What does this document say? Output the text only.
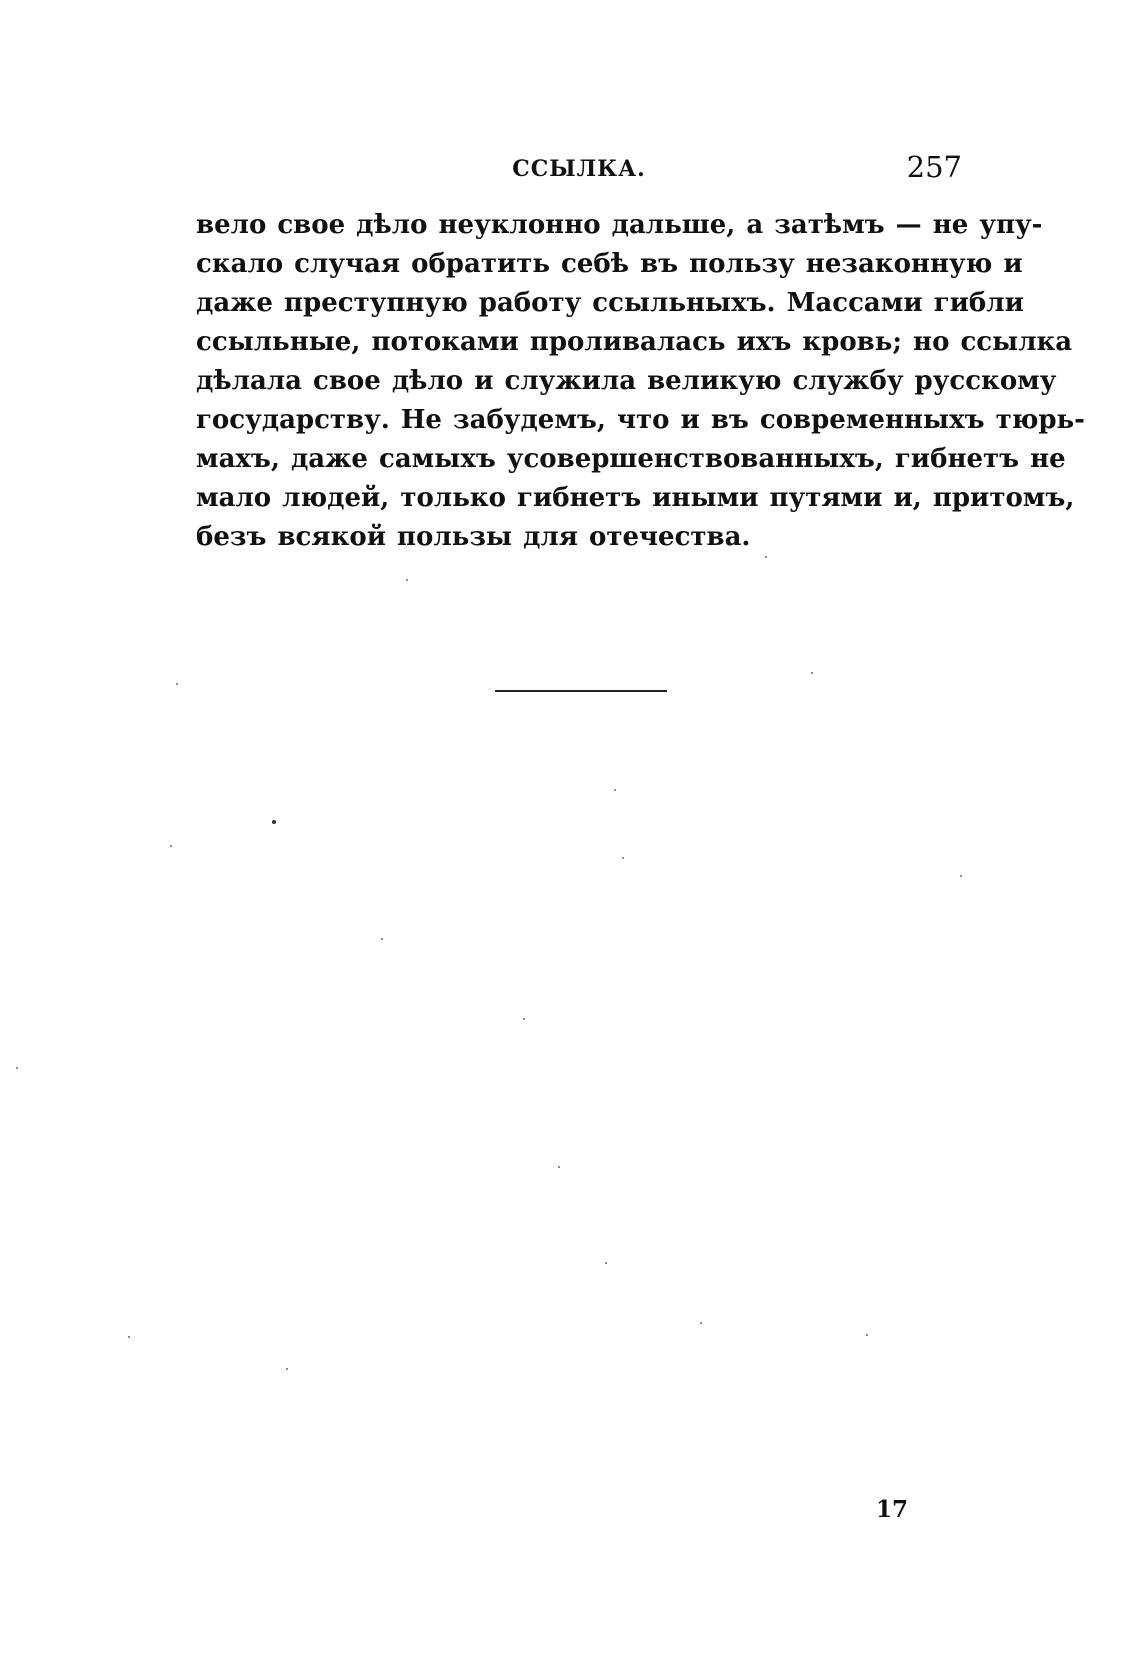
ССЫЛКА.	257
вело свое дѣло неуклонно дальше, а затѣмъ — не упу-
скало случая обратить себѣ въ пользу незаконную и
даже преступную работу ссыльныхъ. Массами гибли
ссыльные, потоками проливалась ихъ кровь; но ссылка
дѣлала свое дѣло и служила великую службу русскому
государству. Не забудемъ, что и въ современныхъ тюрь-
махъ, даже самыхъ усовершенствованныхъ, гибнетъ не
мало людей, только гибнетъ иными путями и, притомъ,
безъ всякой пользы для отечества.
17
